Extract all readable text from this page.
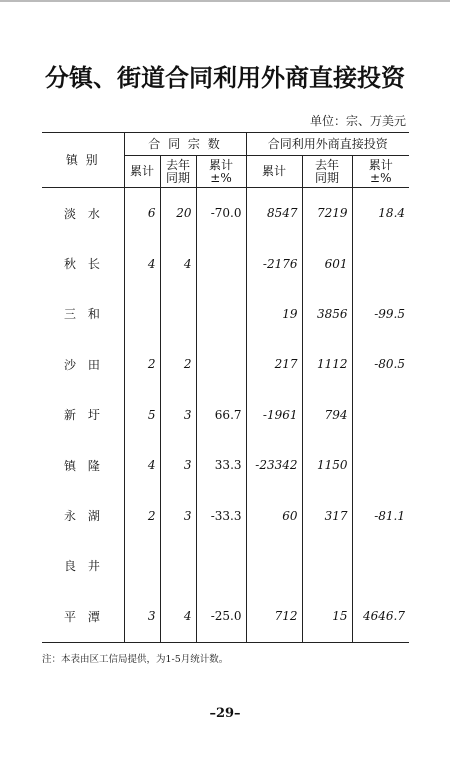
分镇、街道合同利用外商直接投资
单位：宗、万美元
镇 别	合 同 宗 数			合同利用外商直接投资		
	累计	去年同期	累计±%	累计	去年同期	累计±%

淡 水	6	20	-70.0	8547	7219	18.4
秋 长	4	4		-2176	601	
三 和				19	3856	-99.5
沙 田	2	2		217	1112	-80.5
新 圩	5	3	66.7	-1961	794	
镇 隆	4	3	33.3	-23342	1150	
永 湖	2	3	-33.3	60	317	-81.1
良 井						
平 潭	3	4	-25.0	712	15	4646.7
注：本表由区工信局提供，为1-5月统计数。
–29–
